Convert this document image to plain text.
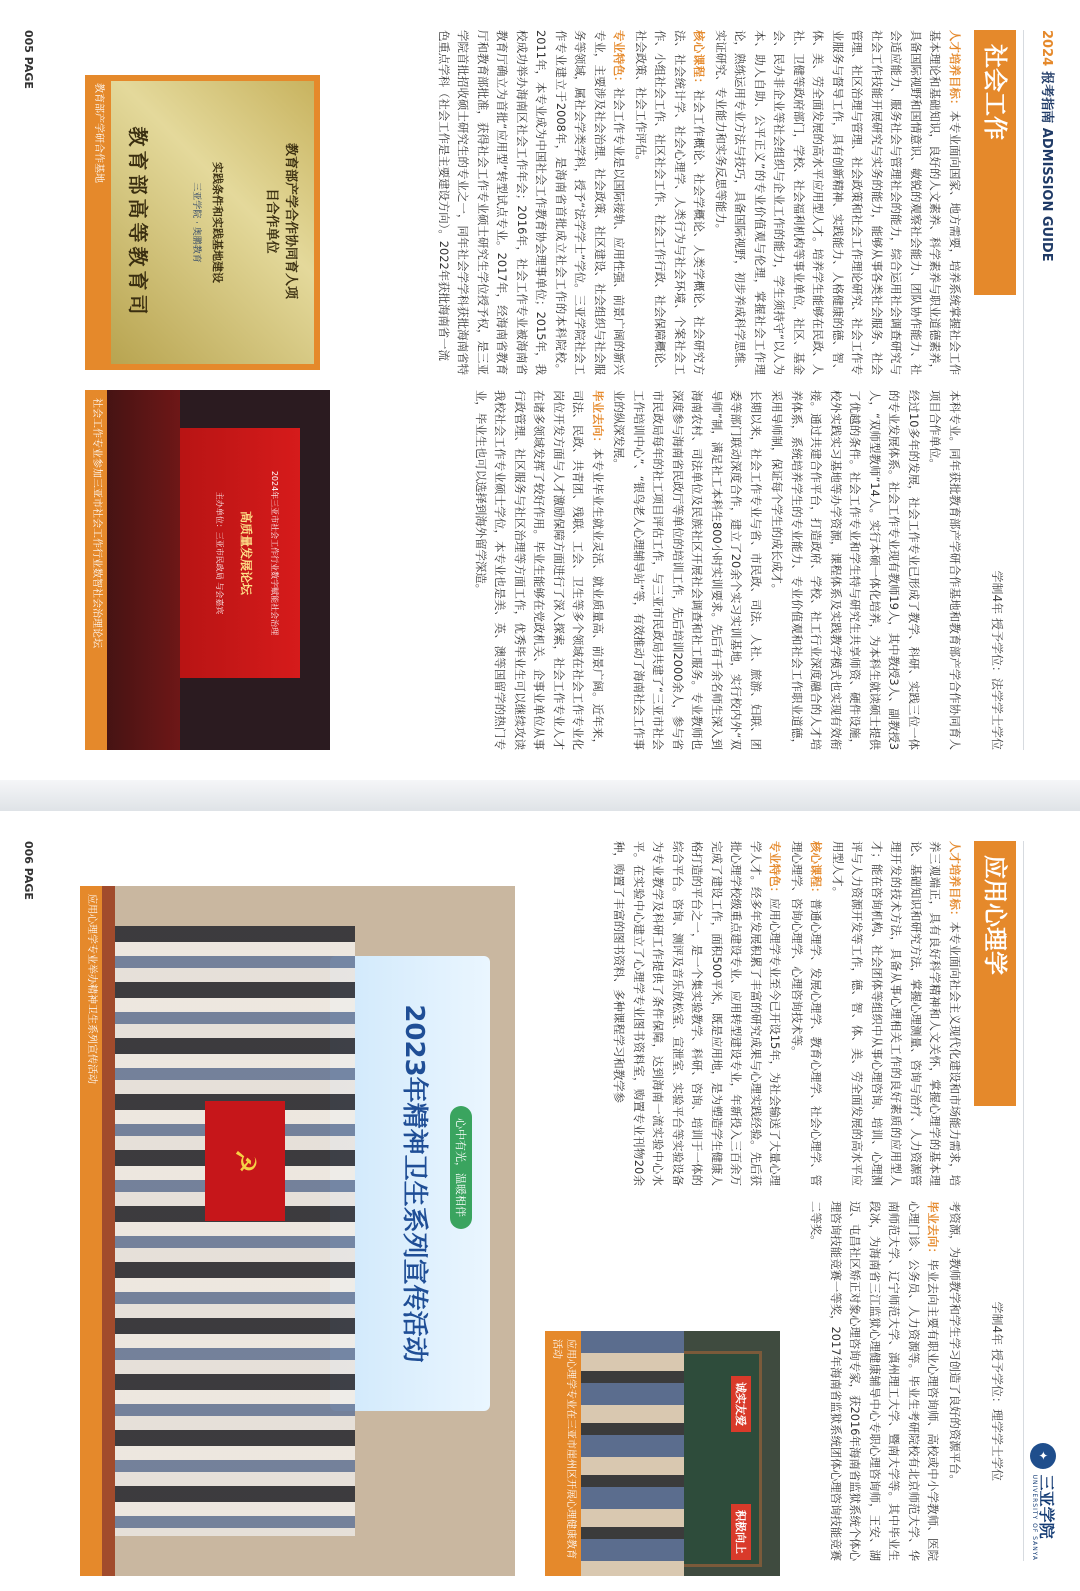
2024 报考指南 ADMISSION GUIDE
社会工作
学制4年 授予学位：法学学士学位

人才培养目标：本专业面向国家、地方需要，培养系统掌握社会工作基本理论和基础知识，良好的人文素养、科学素养与职业道德素养，具备国际视野和国情意识、敏锐的观察社会能力、团队协作能力、社会适应能力、服务社会与管理社会的能力，综合运用社会调查研究与社会工作技能开展研究与实务的能力，能够从事各类社会服务、社会管理、社区治理与管理、社会政策和社会工作理论研究、社会工作专业服务与督导工作，具有创新精神、实践能力、人格健康的德、智、体、美、劳全面发展的高水平应用型人才。培养学生能够在民政、人社、卫健等政府部门，学校、社会福利机构等事业单位，社区、基金会、民办非企业等社会组织与企业工作的能力，学生须持守“以人为本、助人自助、公平正义”的专业价值观与伦理，掌握社会工作理论，熟练运用专业方法与技巧，具备国际视野，初步养成科学思维、实证研究、专业能力和实务反思等能力。

核心课程：社会工作概论、社会学概论、人类学概论、社会研究方法、社会统计学、社会心理学、人类行为与社会环境、个案社会工作、小组社会工作、社区社会工作、社会工作行政、社会保障概论、社会政策、社会工作评估。

专业特色：社会工作专业是以国际接轨、应用性强、前景广阔的新兴专业，主要涉及社会治理、社会政策、社区建设、社会组织与社会服务等领域，属社会学类学科，授予“法学学士”学位。三亚学院社会工作专业建立于2008年，是海南省首批成立社会工作的本科院校。2011年，本专业成为中国社会工作教育协会理事单位；2015年，我校成功举办海南区社会工作年会；2016年，社会工作专业被海南省教育厅确立为首批“应用型”转型试点专业。2017年，经海南省教育厅和教育部批准，获得社会工作专业硕士研究生学位授予权，是三亚学院首批招收硕士研究生的专业之一，同年社会学学科获批海南省特色重点学科（社会工作是主要建设方向）。2022年获批海南省一流

本科专业。同年获批教育部产学研合作基地和教育部产学合作协同育人项目合作单位。

经过10多年的发展，社会工作专业已形成了教学、科研、实践三位一体的专业发展体系。社会工作专业现有教师19人，其中教授3人、副教授3人，“双师型教师”14人。实行本硕一体化培养，为本科生就读硕士提供了优越的条件。社会工作专业和学生特与研究生共享师资、硬件设施，校外实践实习基地等办学资源，课程体系及实践教学模式也实现有效衔接。通过共建合作平台，打造政府、学校、社工行业深度融合的人才培养体系，系统培养学生的专业能力、专业价值观和社会工作职业道德，采用导师制，保证每个学生的成长成才。

长期以来，社会工作专业与省、市民政、司法、人社、旅游、妇联、团委等部门联动深度合作，建立了20余个实习实训基地，实行校内外“双导师”制，满足社工本科生800小时实训要求。先后有千余名师生深入到海南农村、司法单位及民族社区开展社会调查和社工服务。专业教师也深度参与海南省民政厅等单位的培训工作，先后培训2000余人，参与省市民政局每年的社工项目评估工作，与三亚市民政局共建了“三亚市社会工作培训中心”、“银鸟老人心理辅导站”等，有效推动了海南社会工作事业的纵深发展。

毕业去向：本专业毕业生就业灵活、就业质量高、前景广阔。近年来，司法、民政、共青团、残联、工会、卫生等多个领域在社会工作专业化岗位开发方面与人才激励保障方面进行了深入探索，社会工作专业人才在诸多领域发挥了较好作用。毕业生能够在党政机关、企事业单位从事行政管理、社区服务与社区治理等方面工作，优秀毕业生可以继续攻读我校社会工作专业硕士学位，本专业也是美、英、澳等国留学的热门专业，毕业生也可以选择到海外留学深造。

教育部产学合作协同育人项目合作单位
实践条件和实践基地建设
三亚学院 · 奥鹏教育
教育部高等教育司
教育部产学研合作基地
2024年三亚市社会工作行业数字赋能社会治理
高质量发展论坛
主办单位：三亚市民政局 与会嘉宾
社会工作专业参加三亚市社会工作行业数智社会治理论坛
005 PAGE
✦
三亚学院
UNIVERSITY OF SANYA
应用心理学
学制4年 授予学位：理学学士学位

人才培养目标：本专业面向社会主义现代化建设和市场能力需求，培养三观端正，具有良好科学精神和人文关怀，掌握心理学的基本理论、基础知识和研究方法，掌握心理测量、咨询与治疗、人力资源管理开发的技术方法，具备从事心理相关工作的良好素质的应用型人才；能在咨询机构、社会团体等组织中从事心理咨询、培训、心理测评与人力资源开发等工作，德、智、体、美、劳全面发展的高水平应用型人才。

核心课程：普通心理学、发展心理学、教育心理学、社会心理学、管理心理学、咨询心理学、心理咨询技术等。

专业特色：应用心理学专业至今已开设15年，为社会输送了大量心理学人才。经多年发展积累了丰富的研究成果与心理实践经验。先后获批心理学校级重点建设专业、应用转型建设专业，年新投入三百余万完成了建设工作，面积500平米，既是应用地，是为塑造学生健康人格打造的平台之一，是一个集实验教学、科研、咨询、培训于一体的综合平台。咨询、测评及音乐放松室、宣泄室、实验平台等实验设备为专业教学及科研工作提供了条件保障，达到海南一流实验中心水平。在实验中心建立了心理学专业图书资料室，购置专业刊物20余种，购置了丰富的图书资料、多种课程学习和教学参

考资源，为教师教学和学生学习创造了良好的资源平台。

毕业去向：毕业去向主要有职业心理咨询师、高校或中小学教师、医院心理门诊、公务员、人力资源等。毕业生考研院校有北京师范大学、华南师范大学、辽宁师范大学、滇州理工大学、暨南大学等。其中毕业生段冰，为海南省三江监狱心理健康辅导中心专职心理咨询师，王安、湖迈、屯昌社区矫正对象心理咨询专家，获2016年海南省监狱系统个体心理咨询技能竞赛一等奖，2017年海南省监狱系统团体心理咨询技能竞赛二等奖。

诚实友爱
积极向上
应用心理学专业在三亚市崖州区开展心理健康教育活动
心中有光，温暖相伴
2023年精神卫生系列宣传活动
☭
应用心理学专业举办精神卫生系列宣传活动
006 PAGE
